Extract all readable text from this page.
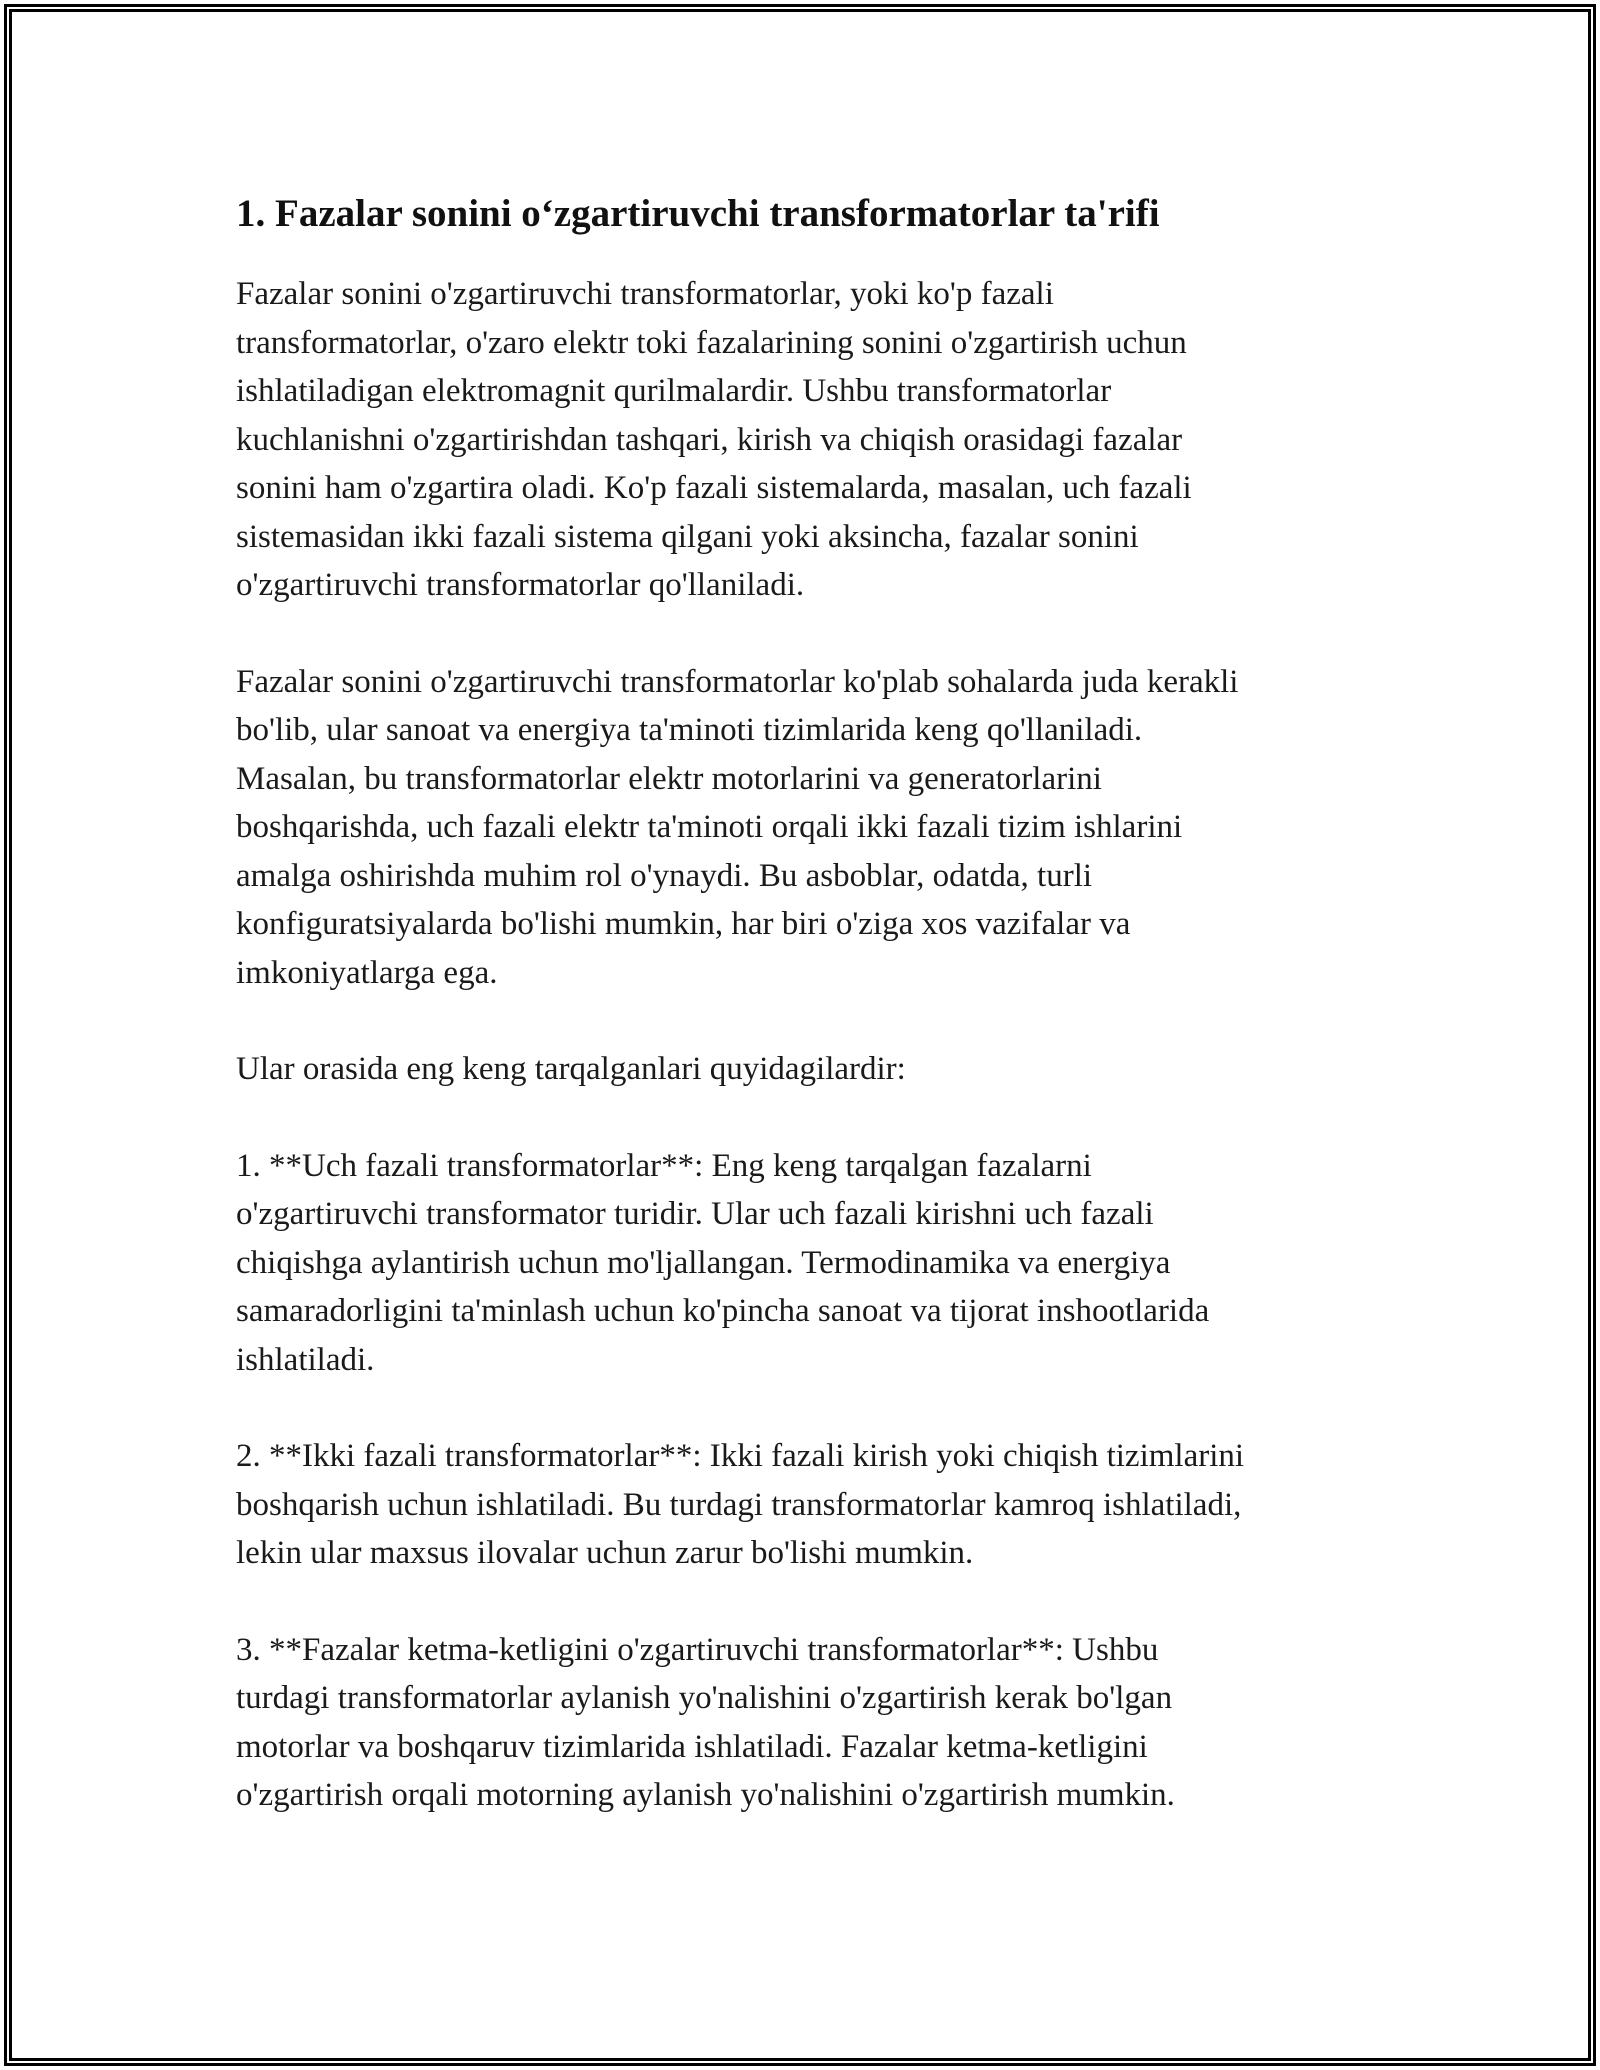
1. Fazalar sonini o‘zgartiruvchi transformatorlar ta'rifi

Fazalar sonini o'zgartiruvchi transformatorlar, yoki ko'p fazali
transformatorlar, o'zaro elektr toki fazalarining sonini o'zgartirish uchun
ishlatiladigan elektromagnit qurilmalardir. Ushbu transformatorlar
kuchlanishni o'zgartirishdan tashqari, kirish va chiqish orasidagi fazalar
sonini ham o'zgartira oladi. Ko'p fazali sistemalarda, masalan, uch fazali
sistemasidan ikki fazali sistema qilgani yoki aksincha, fazalar sonini
o'zgartiruvchi transformatorlar qo'llaniladi.

Fazalar sonini o'zgartiruvchi transformatorlar ko'plab sohalarda juda kerakli
bo'lib, ular sanoat va energiya ta'minoti tizimlarida keng qo'llaniladi.
Masalan, bu transformatorlar elektr motorlarini va generatorlarini
boshqarishda, uch fazali elektr ta'minoti orqali ikki fazali tizim ishlarini
amalga oshirishda muhim rol o'ynaydi. Bu asboblar, odatda, turli
konfiguratsiyalarda bo'lishi mumkin, har biri o'ziga xos vazifalar va
imkoniyatlarga ega.

Ular orasida eng keng tarqalganlari quyidagilardir:

1. **Uch fazali transformatorlar**: Eng keng tarqalgan fazalarni
o'zgartiruvchi transformator turidir. Ular uch fazali kirishni uch fazali
chiqishga aylantirish uchun mo'ljallangan. Termodinamika va energiya
samaradorligini ta'minlash uchun ko'pincha sanoat va tijorat inshootlarida
ishlatiladi.

2. **Ikki fazali transformatorlar**: Ikki fazali kirish yoki chiqish tizimlarini
boshqarish uchun ishlatiladi. Bu turdagi transformatorlar kamroq ishlatiladi,
lekin ular maxsus ilovalar uchun zarur bo'lishi mumkin.

3. **Fazalar ketma-ketligini o'zgartiruvchi transformatorlar**: Ushbu
turdagi transformatorlar aylanish yo'nalishini o'zgartirish kerak bo'lgan
motorlar va boshqaruv tizimlarida ishlatiladi. Fazalar ketma-ketligini
o'zgartirish orqali motorning aylanish yo'nalishini o'zgartirish mumkin.
